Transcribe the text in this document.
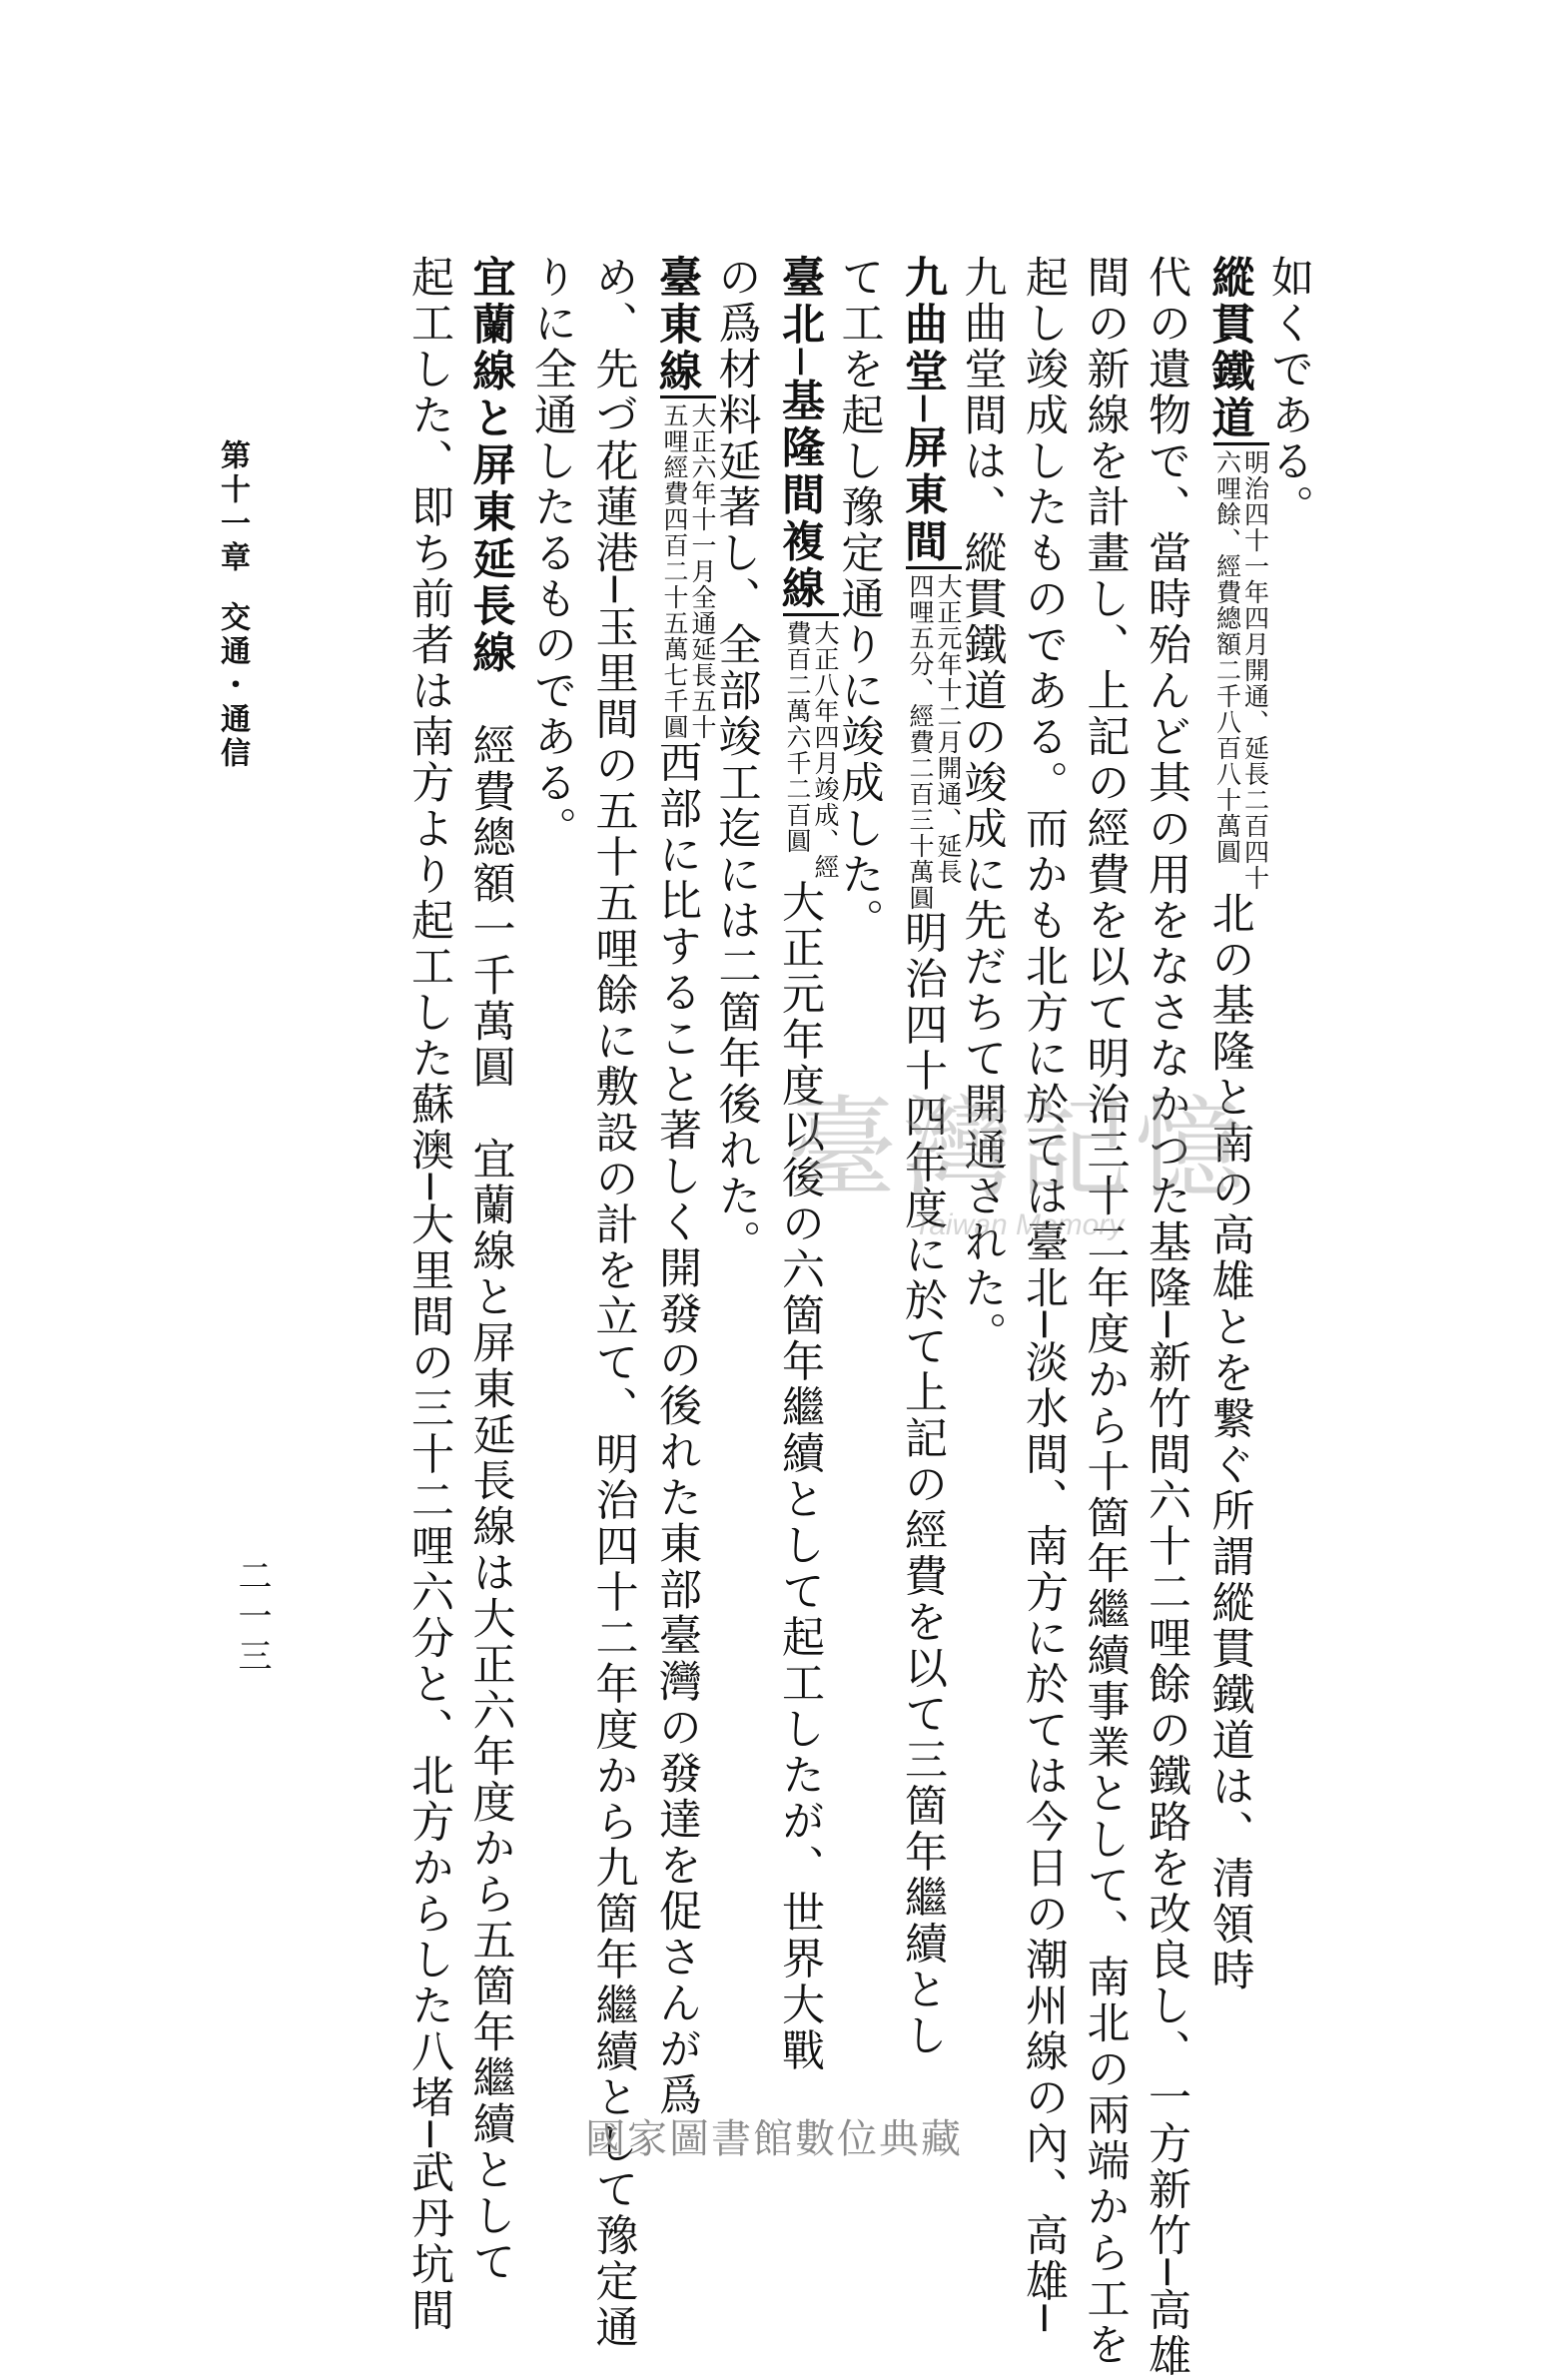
如くである。
縱貫鐵道
明治四十一年四月開通、延長二百四十
六哩餘、經費總額二千八百八十萬圓
北の基隆と南の高雄とを繋ぐ所謂縱貫鐵道は、清領時
代の遺物で、當時殆んど其の用をなさなかつた基隆─新竹間六十二哩餘の鐵路を改良し、一方新竹─高雄
間の新線を計畫し、上記の經費を以て明治三十二年度から十箇年繼續事業として、南北の兩端から工を
起し竣成したものである。而かも北方に於ては臺北─淡水間、南方に於ては今日の潮州線の內、高雄─
九曲堂間は、縱貫鐵道の竣成に先だちて開通された。
九曲堂─屏東間
大正元年十二月開通、延長
四哩五分、經費二百三十萬圓
明治四十四年度に於て上記の經費を以て三箇年繼續とし
て工を起し豫定通りに竣成した。
臺北─基隆間複線
大正八年四月竣成、經
費百二萬六千二百圓
大正元年度以後の六箇年繼續として起工したが、世界大戰
の爲材料延著し、全部竣工迄には二箇年後れた。
臺東線
大正六年十一月全通延長五十
五哩經費四百二十五萬七千圓
西部に比すること著しく開發の後れた東部臺灣の發達を促さんが爲
め、先づ花蓮港─玉里間の五十五哩餘に敷設の計を立て、明治四十二年度から九箇年繼續として豫定通
りに全通したるものである。
宜蘭線と屏東延長線　經費總額一千萬圓　宜蘭線と屏東延長線は大正六年度から五箇年繼續として
起工した、即ち前者は南方より起工した蘇澳─大里間の三十二哩六分と、北方からした八堵─武丹坑間
第十一章交通・通信
二一三
臺灣記憶
Taiwan Memory
國家圖書館數位典藏
